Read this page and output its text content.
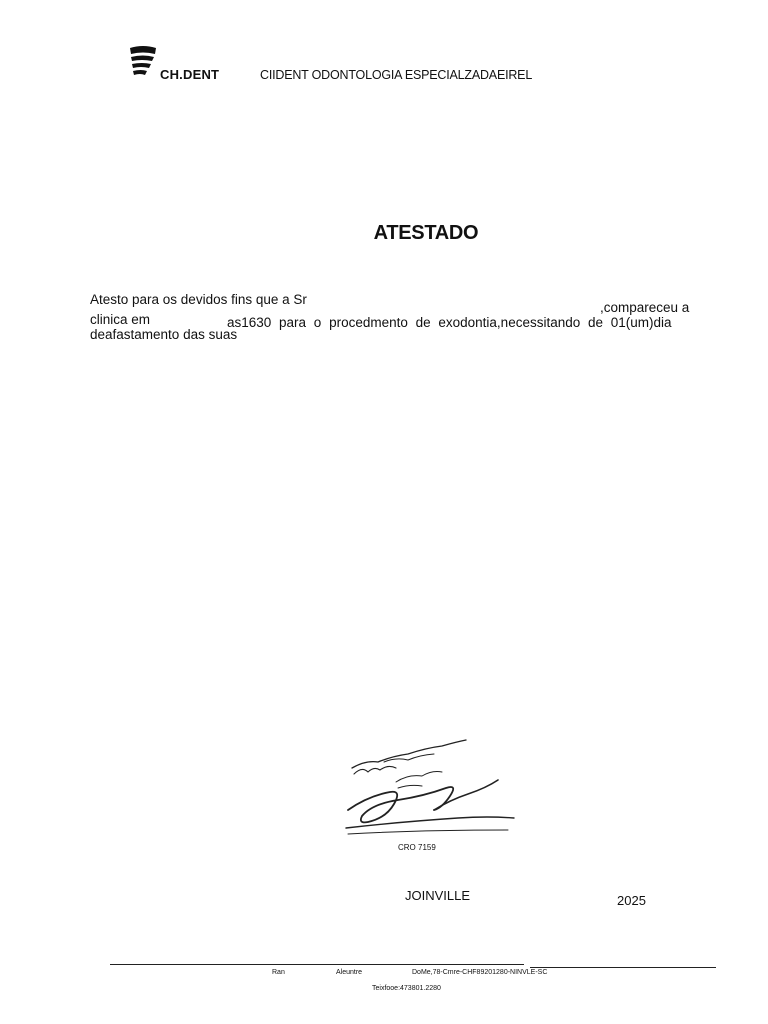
CH.DENT	CIIDENT ODONTOLOGIA ESPECIALZADAEIREL
ATESTADO
Atesto para os devidos fins que a Sr
,compareceu a
clinica em	as1630 para o procedmento de exodontia,necessitando de 01(um)dia
deafastamento das suas
CRO 7159
JOINVILLE	2025
Ran	Aleuntre	DoMe,78-Cmre-CHF89201280-NINVLE-SC
Teixfooe:473801.2280
